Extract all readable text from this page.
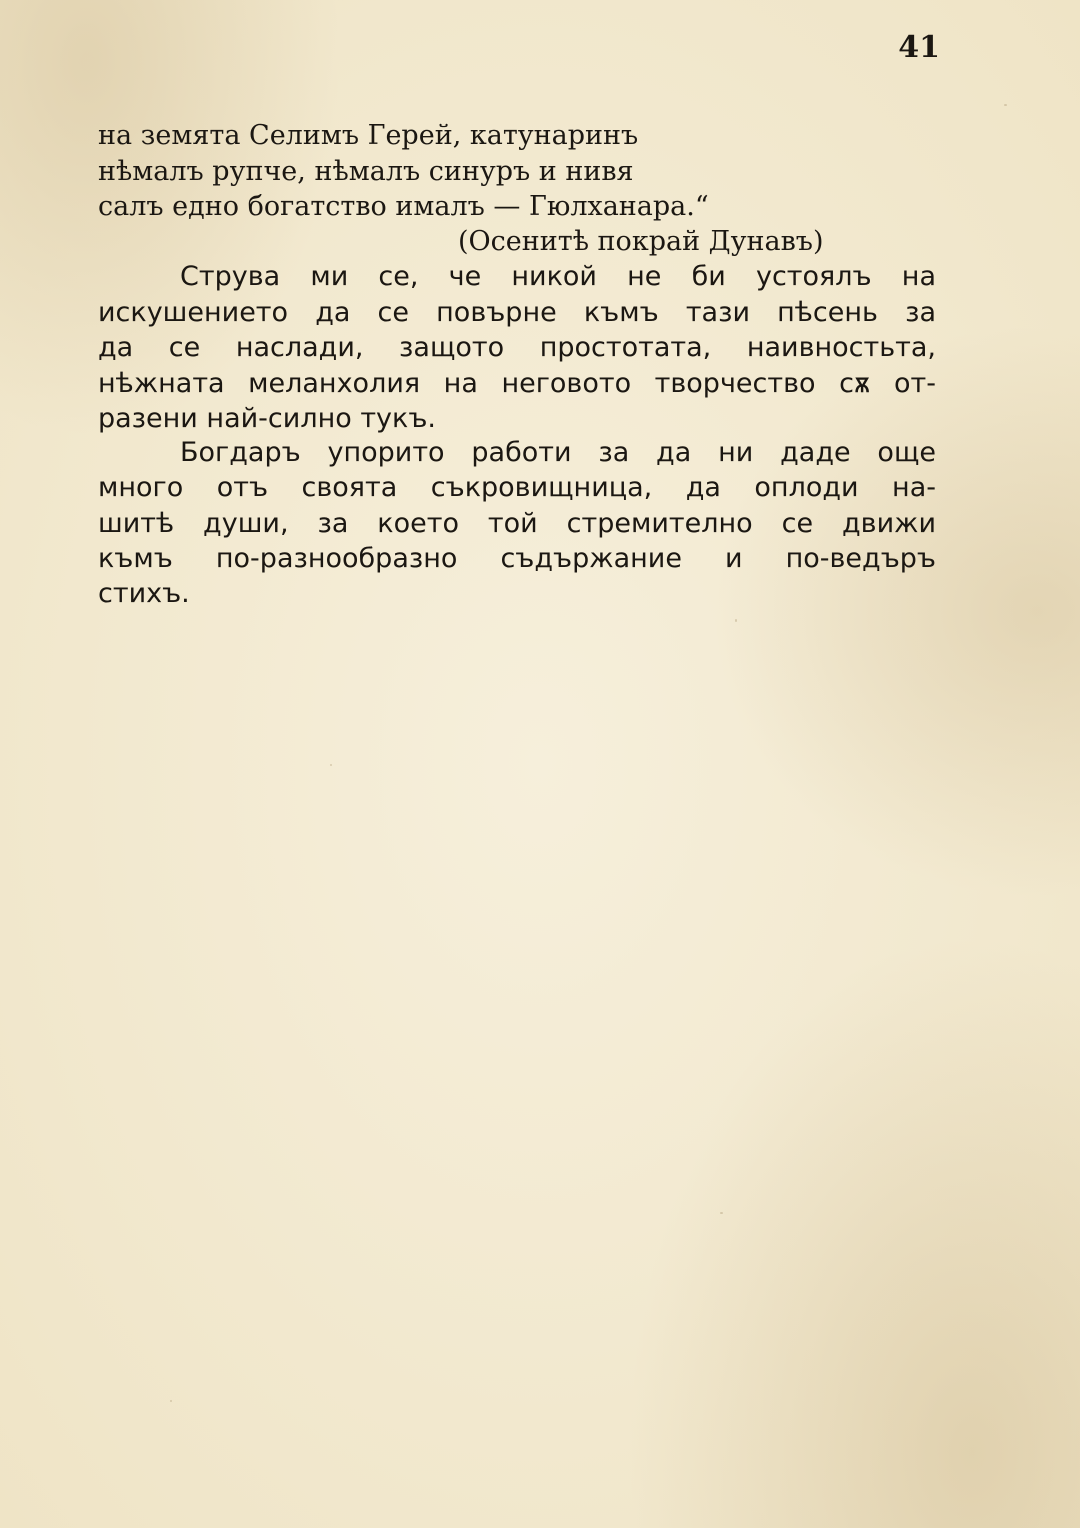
41
на земята Селимъ Герей, катунаринъ
нѣмалъ рупче, нѣмалъ синуръ и нивя
салъ едно богатство ималъ — Гюлханара.“
(Осенитѣ покрай Дунавъ)
Струва ми се, че никой не би устоялъ на
искушението да се повърне къмъ тази пѣсень за
да се наслади, защото простотата, наивностьта,
нѣжната меланхолия на неговото творчество сѫ от-
разени най-силно тукъ.
Богдаръ упорито работи за да ни даде още
много отъ своята съкровищница, да оплоди на-
шитѣ души, за което той стремително се движи
къмъ по-разнообразно съдържание и по-ведъръ
стихъ.
